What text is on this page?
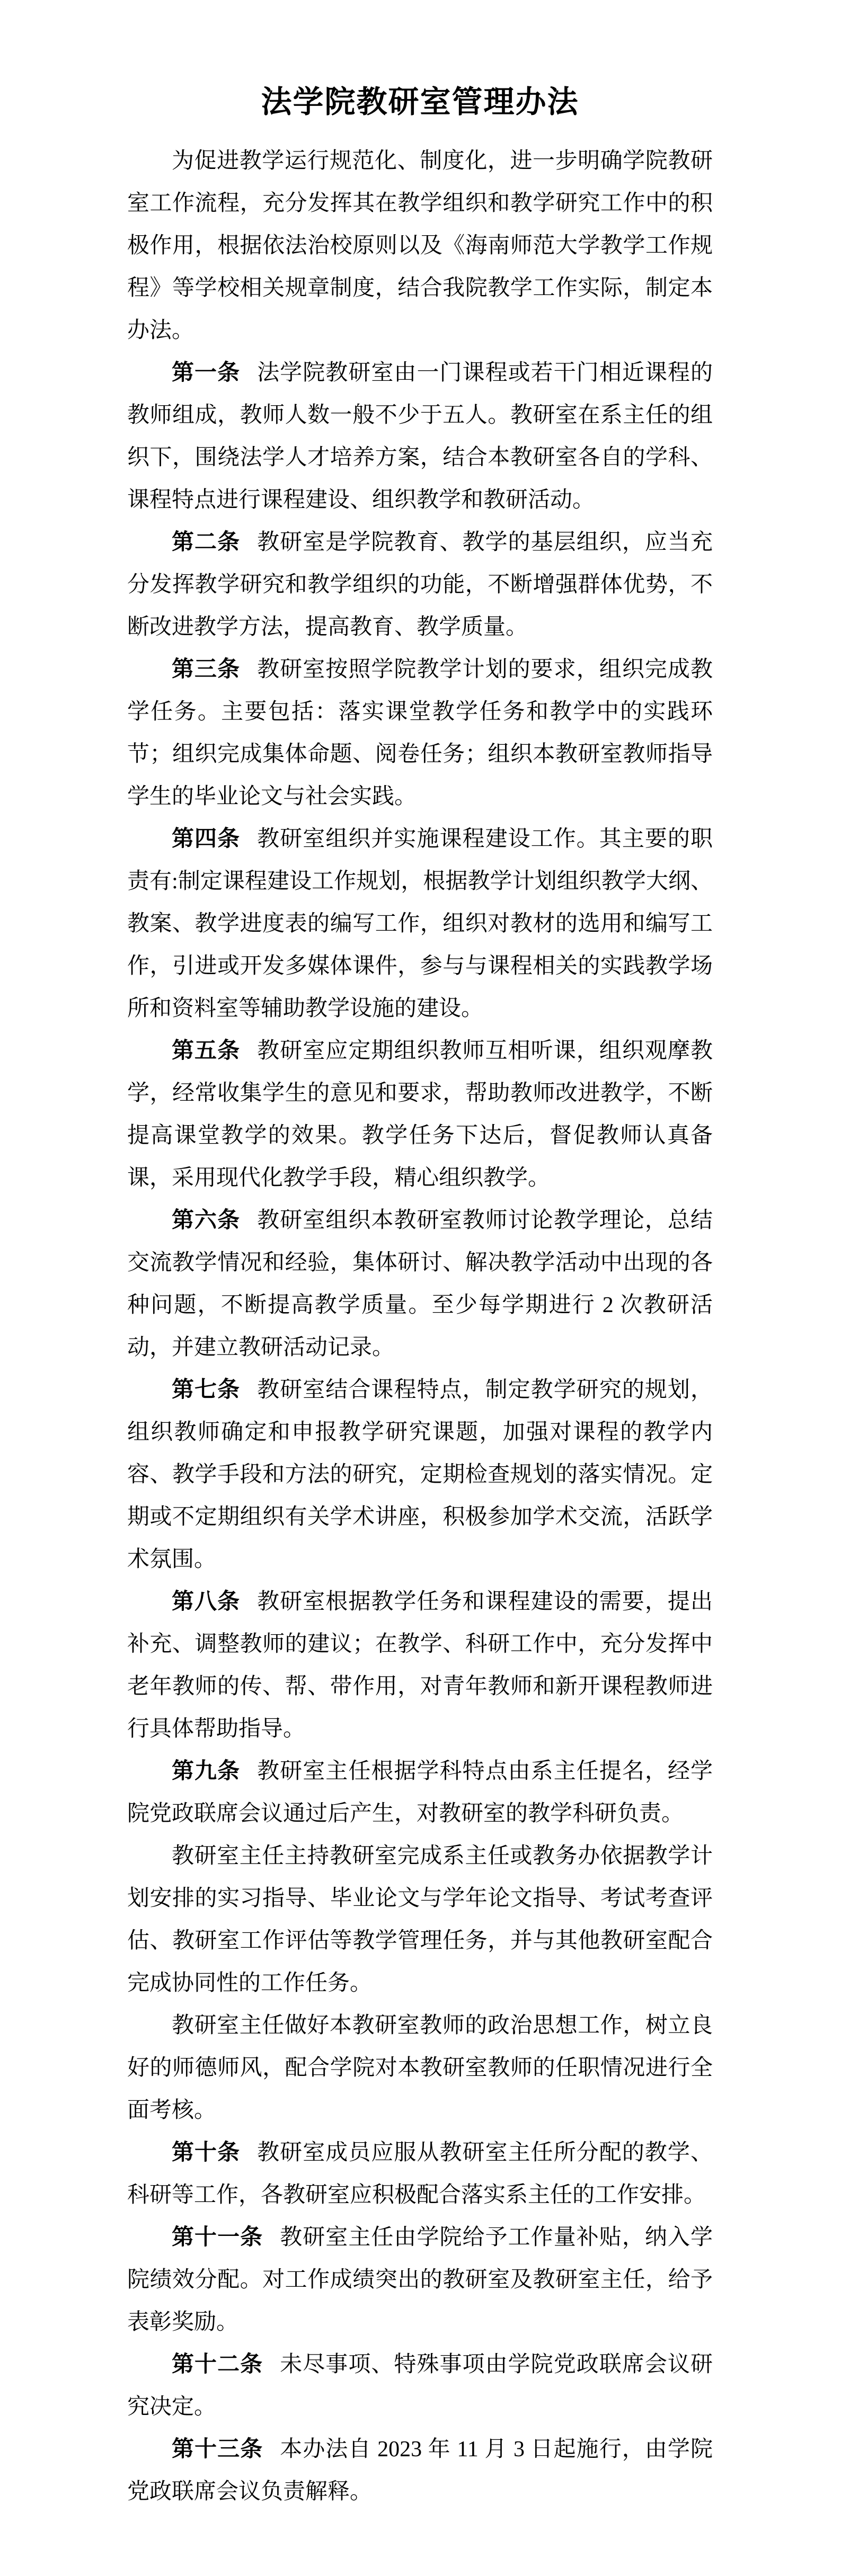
法学院教研室管理办法

为促进教学运行规范化、制度化，进一步明确学院教研室工作流程，充分发挥其在教学组织和教学研究工作中的积极作用，根据依法治校原则以及《海南师范大学教学工作规程》等学校相关规章制度，结合我院教学工作实际，制定本办法。

第一条 法学院教研室由一门课程或若干门相近课程的教师组成，教师人数一般不少于五人。教研室在系主任的组织下，围绕法学人才培养方案，结合本教研室各自的学科、课程特点进行课程建设、组织教学和教研活动。

第二条 教研室是学院教育、教学的基层组织，应当充分发挥教学研究和教学组织的功能，不断增强群体优势，不断改进教学方法，提高教育、教学质量。

第三条 教研室按照学院教学计划的要求，组织完成教学任务。主要包括：落实课堂教学任务和教学中的实践环节；组织完成集体命题、阅卷任务；组织本教研室教师指导学生的毕业论文与社会实践。

第四条 教研室组织并实施课程建设工作。其主要的职责有:制定课程建设工作规划，根据教学计划组织教学大纲、教案、教学进度表的编写工作，组织对教材的选用和编写工作，引进或开发多媒体课件，参与与课程相关的实践教学场所和资料室等辅助教学设施的建设。

第五条 教研室应定期组织教师互相听课，组织观摩教学，经常收集学生的意见和要求，帮助教师改进教学，不断提高课堂教学的效果。教学任务下达后，督促教师认真备课，采用现代化教学手段，精心组织教学。

第六条 教研室组织本教研室教师讨论教学理论，总结交流教学情况和经验，集体研讨、解决教学活动中出现的各种问题，不断提高教学质量。至少每学期进行 2 次教研活动，并建立教研活动记录。

第七条 教研室结合课程特点，制定教学研究的规划，组织教师确定和申报教学研究课题，加强对课程的教学内容、教学手段和方法的研究，定期检查规划的落实情况。定期或不定期组织有关学术讲座，积极参加学术交流，活跃学术氛围。

第八条 教研室根据教学任务和课程建设的需要，提出补充、调整教师的建议；在教学、科研工作中，充分发挥中老年教师的传、帮、带作用，对青年教师和新开课程教师进行具体帮助指导。

第九条 教研室主任根据学科特点由系主任提名，经学院党政联席会议通过后产生，对教研室的教学科研负责。

教研室主任主持教研室完成系主任或教务办依据教学计划安排的实习指导、毕业论文与学年论文指导、考试考查评估、教研室工作评估等教学管理任务，并与其他教研室配合完成协同性的工作任务。

教研室主任做好本教研室教师的政治思想工作，树立良好的师德师风，配合学院对本教研室教师的任职情况进行全面考核。

第十条 教研室成员应服从教研室主任所分配的教学、科研等工作，各教研室应积极配合落实系主任的工作安排。

第十一条 教研室主任由学院给予工作量补贴，纳入学院绩效分配。对工作成绩突出的教研室及教研室主任，给予表彰奖励。

第十二条 未尽事项、特殊事项由学院党政联席会议研究决定。

第十三条 本办法自 2023 年 11 月 3 日起施行，由学院党政联席会议负责解释。
